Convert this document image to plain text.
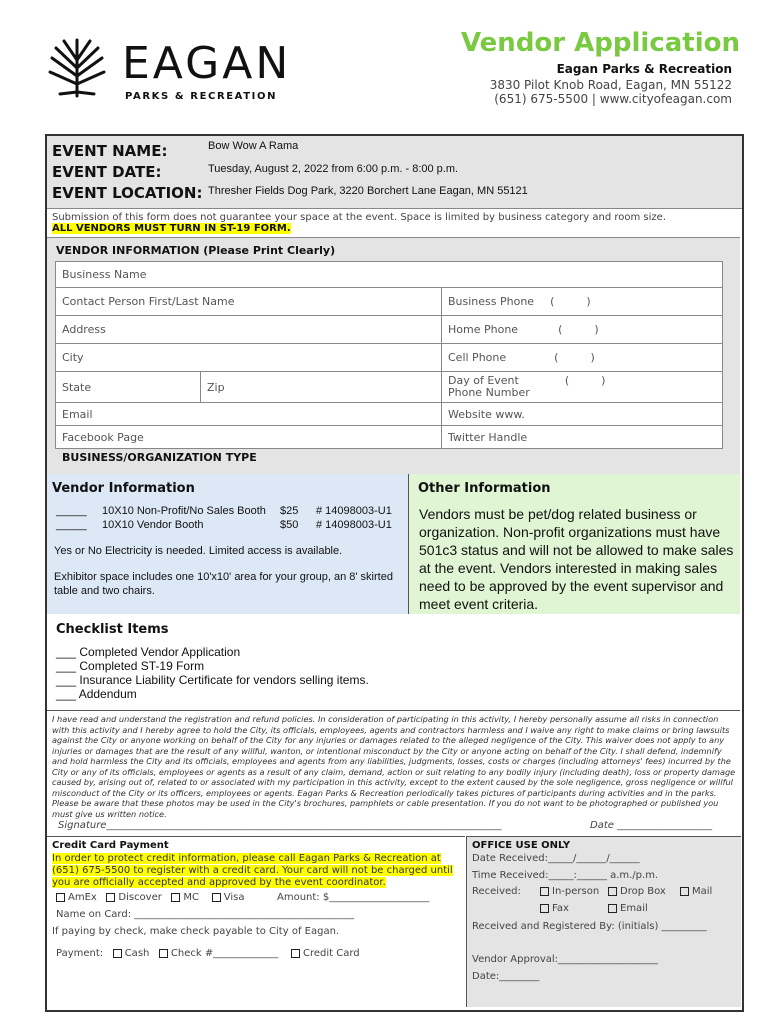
EAGAN
PARKS & RECREATION
Vendor Application
Eagan Parks & Recreation
3830 Pilot Knob Road, Eagan, MN 55122
(651) 675-5500 | www.cityofeagan.com
EVENT NAME:	Bow Wow A Rama
EVENT DATE:	Tuesday, August 2, 2022 from 6:00 p.m. - 8:00 p.m.
EVENT LOCATION: Thresher Fields Dog Park, 3220 Borchert Lane Eagan, MN 55121
Submission of this form does not guarantee your space at the event. Space is limited by business category and room size.
ALL VENDORS MUST TURN IN ST-19 FORM.
VENDOR INFORMATION (Please Print Clearly)
Business Name		
Contact Person First/Last Name		Business Phone ( )
Address		Home Phone ( )
City		Cell Phone ( )
State	Zip	Day of Event ( )
Phone Number
Email		Website www.
Facebook Page		Twitter Handle
BUSINESS/ORGANIZATION TYPE
Vendor Information
_____ 10X10 Non-Profit/No Sales Booth $25 # 14098003-U1
_____ 10X10 Vendor Booth	$50 # 14098003-U1
Yes or No Electricity is needed. Limited access is available.
Exhibitor space includes one 10'x10' area for your group, an 8' skirted table and two chairs.
Other Information
Vendors must be pet/dog related business or organization. Non-profit organizations must have 501c3 status and will not be allowed to make sales at the event. Vendors interested in making sales need to be approved by the event supervisor and meet event criteria.
Checklist Items
___ Completed Vendor Application
___ Completed ST-19 Form
___ Insurance Liability Certificate for vendors selling items.
___ Addendum
I have read and understand the registration and refund policies. In consideration of participating in this activity, I hereby personally assume all risks in connection with this activity and I hereby agree to hold the City, its officials, employees, agents and contractors harmless and I waive any right to make claims or bring lawsuits against the City or anyone working on behalf of the City for any injuries or damages related to the alleged negligence of the City. This waiver does not apply to any injuries or damages that are the result of any willful, wanton, or intentional misconduct by the City or anyone acting on behalf of the City. I shall defend, indemnify and hold harmless the City and its officials, employees and agents from any liabilities, judgments, losses, costs or charges (including attorneys' fees) incurred by the City or any of its officials, employees or agents as a result of any claim, demand, action or suit relating to any bodily injury (including death), loss or property damage caused by, arising out of, related to or associated with my participation in this activity, except to the extent caused by the sole negligence, gross negligence or willful misconduct of the City or its officers, employees or agents. Eagan Parks & Recreation periodically takes pictures of participants during activities and in the parks. Please be aware that these photos may be used in the City's brochures, pamphlets or cable presentation. If you do not want to be photographed or published you must give us written notice.
Signature_______________________________________________________________________________	Date ___________________
Credit Card Payment
In order to protect credit information, please call Eagan Parks & Recreation at
(651) 675-5500 to register with a credit card. Your card will not be charged until
you are officially accepted and approved by the event coordinator.
AmEx Discover MC Visa	Amount: $____________________
Name on Card: ____________________________________________
If paying by check, make check payable to City of Eagan.
Payment: Cash Check #_____________ Credit Card
OFFICE USE ONLY
Date Received:_____/______/______
Time Received:_____:______ a.m./p.m.
Received:	In-person	Drop Box	Mail
Fax	Email
Received and Registered By: (initials) _________
Vendor Approval:____________________
Date:________
